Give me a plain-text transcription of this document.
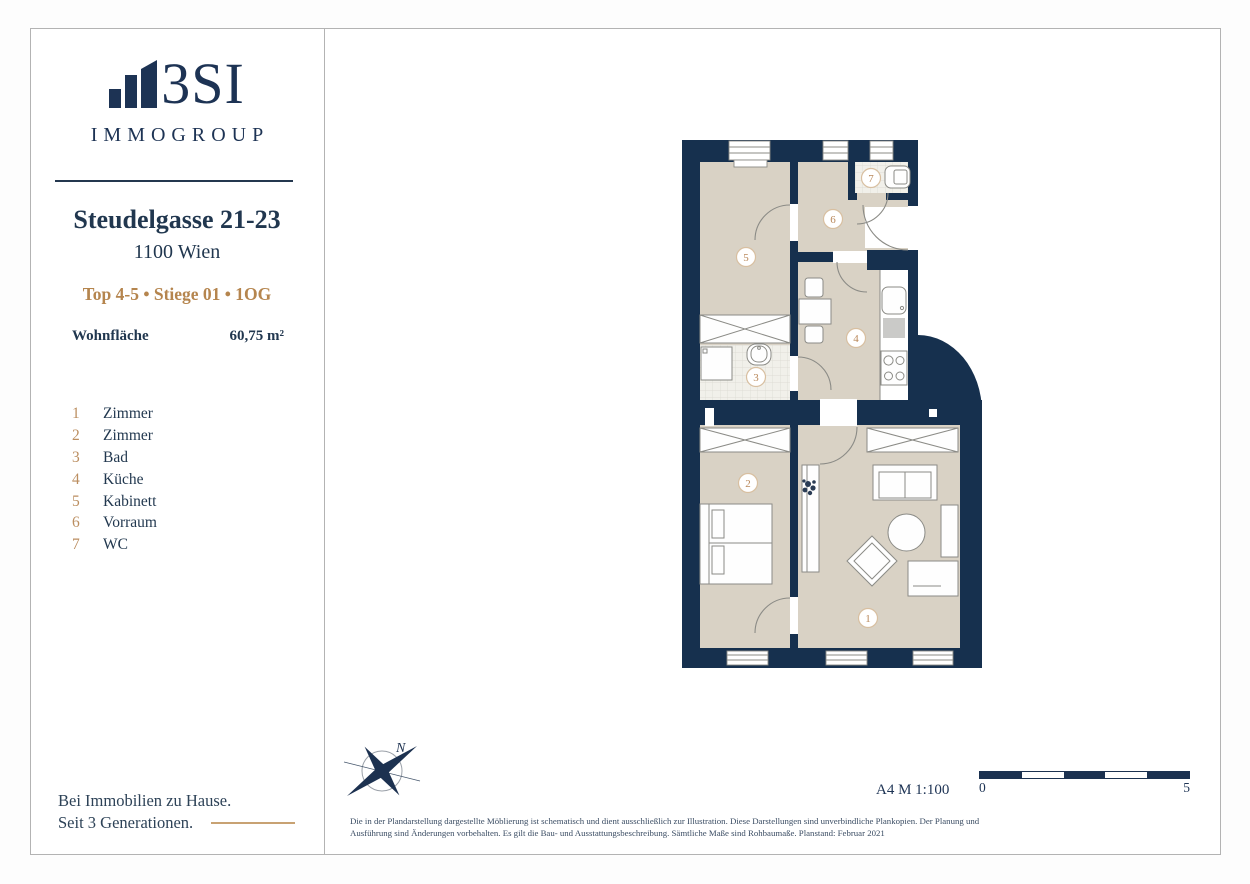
3SI
IMMOGROUP
Steudelgasse 21-23
1100 Wien
Top 4-5 • Stiege 01 • 1OG
Wohnfläche	60,75 m²
1	Zimmer
2	Zimmer
3	Bad
4	Küche
5	Kabinett
6	Vorraum
7	WC
Bei Immobilien zu Hause.
Seit 3 Generationen.
N
A4 M 1:100 0	5
Die in der Plandarstellung dargestellte Möblierung ist schematisch und dient ausschließlich zur Illustration. Diese Darstellungen sind unverbindliche Plankopien. Der Planung und Ausführung sind Änderungen vorbehalten. Es gilt die Bau- und Ausstattungsbeschreibung. Sämtliche Maße sind Rohbaumaße. Planstand: Februar 2021
1
2
3
4
5
6
7
